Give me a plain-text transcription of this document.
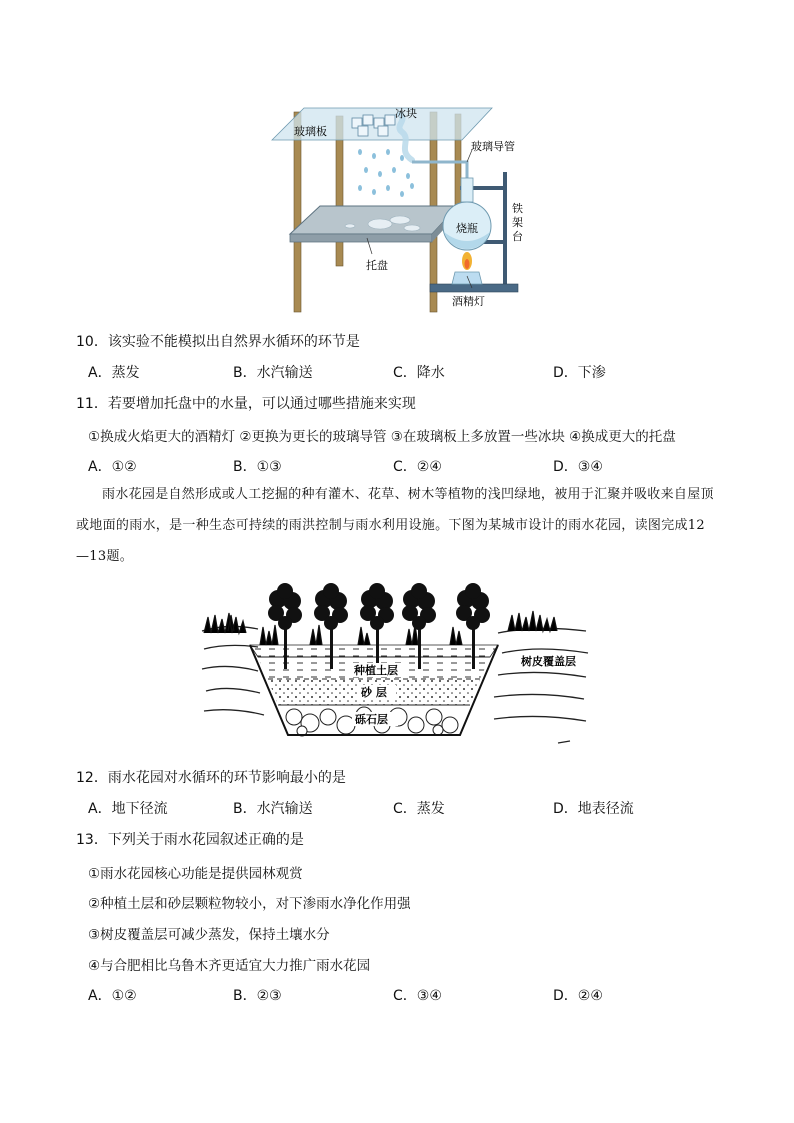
玻璃板
冰块
玻璃导管
铁
架
台
烧瓶
托盘
酒精灯
10．该实验不能模拟出自然界水循环的环节是
A．蒸发	B．水汽输送	C．降水	D．下渗
11．若要增加托盘中的水量，可以通过哪些措施来实现
①换成火焰更大的酒精灯 ②更换为更长的玻璃导管 ③在玻璃板上多放置一些冰块 ④换成更大的托盘
A．①②	B．①③	C．②④	D．③④
雨水花园是自然形成或人工挖掘的种有灌木、花草、树木等植物的浅凹绿地，被用于汇聚并吸收来自屋顶或地面的雨水，是一种生态可持续的雨洪控制与雨水利用设施。下图为某城市设计的雨水花园，读图完成12—13题。
种植土层
砂 层
砾石层
树皮覆盖层
12．雨水花园对水循环的环节影响最小的是
A．地下径流	B．水汽输送	C．蒸发	D．地表径流
13．下列关于雨水花园叙述正确的是
①雨水花园核心功能是提供园林观赏
②种植土层和砂层颗粒物较小，对下渗雨水净化作用强
③树皮覆盖层可减少蒸发，保持土壤水分
④与合肥相比乌鲁木齐更适宜大力推广雨水花园
A．①②	B．②③	C．③④	D．②④
